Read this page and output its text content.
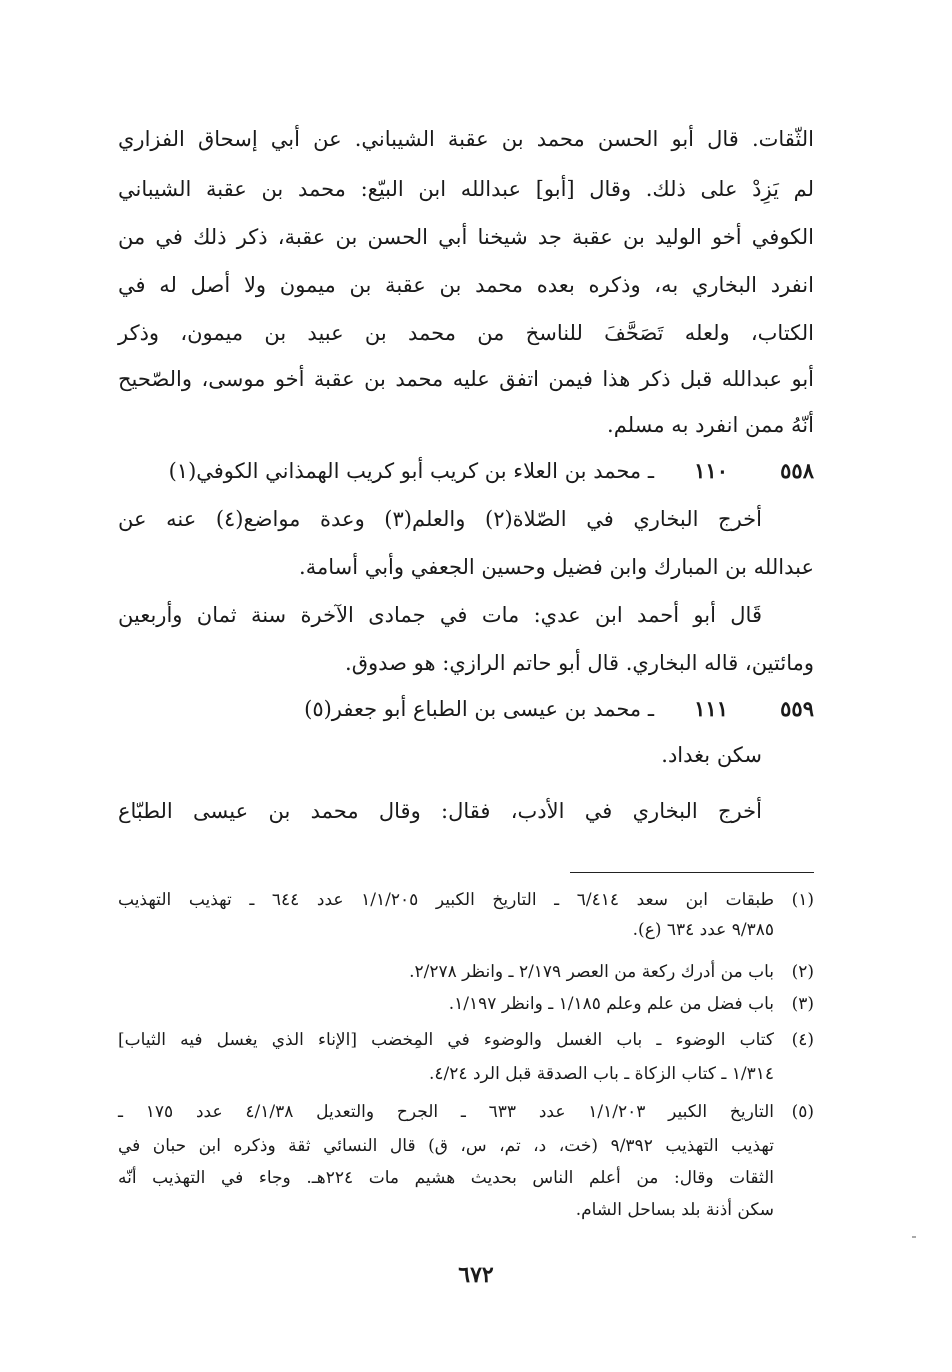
الثّقات. قال أبو الحسن محمد بن عقبة الشيباني. عن أبي إسحاق الفزاري
لم يَزِدْ على ذلك. وقال [أبو] عبدالله ابن البيّع: محمد بن عقبة الشيباني
الكوفي أخو الوليد بن عقبة جد شيخنا أبي الحسن بن عقبة، ذكر ذلك في من
انفرد البخاري به، وذكره بعده محمد بن عقبة بن ميمون ولا أصل له في
الكتاب، ولعله تَصَحَّفَ للناسخ من محمد بن عبيد بن ميمون، وذكر
أبو عبدالله قبل ذكر هذا فيمن اتفق عليه محمد بن عقبة أخو موسى، والصّحيح
أنّهُ ممن انفرد به مسلم.
٥٥٨
١١٠
ـ محمد بن العلاء بن كريب أبو كريب الهمذاني الكوفي(١)
أخرج البخاري في الصّلاة(٢) والعلم(٣) وعدة مواضع(٤) عنه عن
عبدالله بن المبارك وابن فضيل وحسين الجعفي وأبي أسامة.
قَال أبو أحمد ابن عدي: مات في جمادى الآخرة سنة ثمان وأربعين
ومائتين، قاله البخاري. قال أبو حاتم الرازي: هو صدوق.
٥٥٩
١١١
ـ محمد بن عيسى بن الطباع أبو جعفر(٥)
سكن بغداد.
أخرج البخاري في الأدب، فقال: وقال محمد بن عيسى الطبّاع
(١)
طبقات ابن سعد ٦/٤١٤ ـ التاريخ الكبير ١/١/٢٠٥ عدد ٦٤٤ ـ تهذيب التهذيب
٩/٣٨٥ عدد ٦٣٤ (ع).
(٢)
باب من أدرك ركعة من العصر ٢/١٧٩ ـ وانظر ٢/٢٧٨.
(٣)
باب فضل من علم وعلم ١/١٨٥ ـ وانظر ١/١٩٧.
(٤)
كتاب الوضوء ـ باب الغسل والوضوء في المِخضب [الإناء الذي يغسل فيه الثياب]
١/٣١٤ ـ كتاب الزكاة ـ باب الصدقة قبل الرد ٤/٢٤.
(٥)
التاريخ الكبير ١/١/٢٠٣ عدد ٦٣٣ ـ الجرح والتعديل ٤/١/٣٨ عدد ١٧٥ ـ
تهذيب التهذيب ٩/٣٩٢ (خت، د، تم، س، ق) قال النسائي ثقة وذكره ابن حبان في
الثقات وقال: من أعلم الناس بحديث هشيم مات ٢٢٤هـ. وجاء في التهذيب أنّه
سكن أذنة بلد بساحل الشام.
٦٧٢
